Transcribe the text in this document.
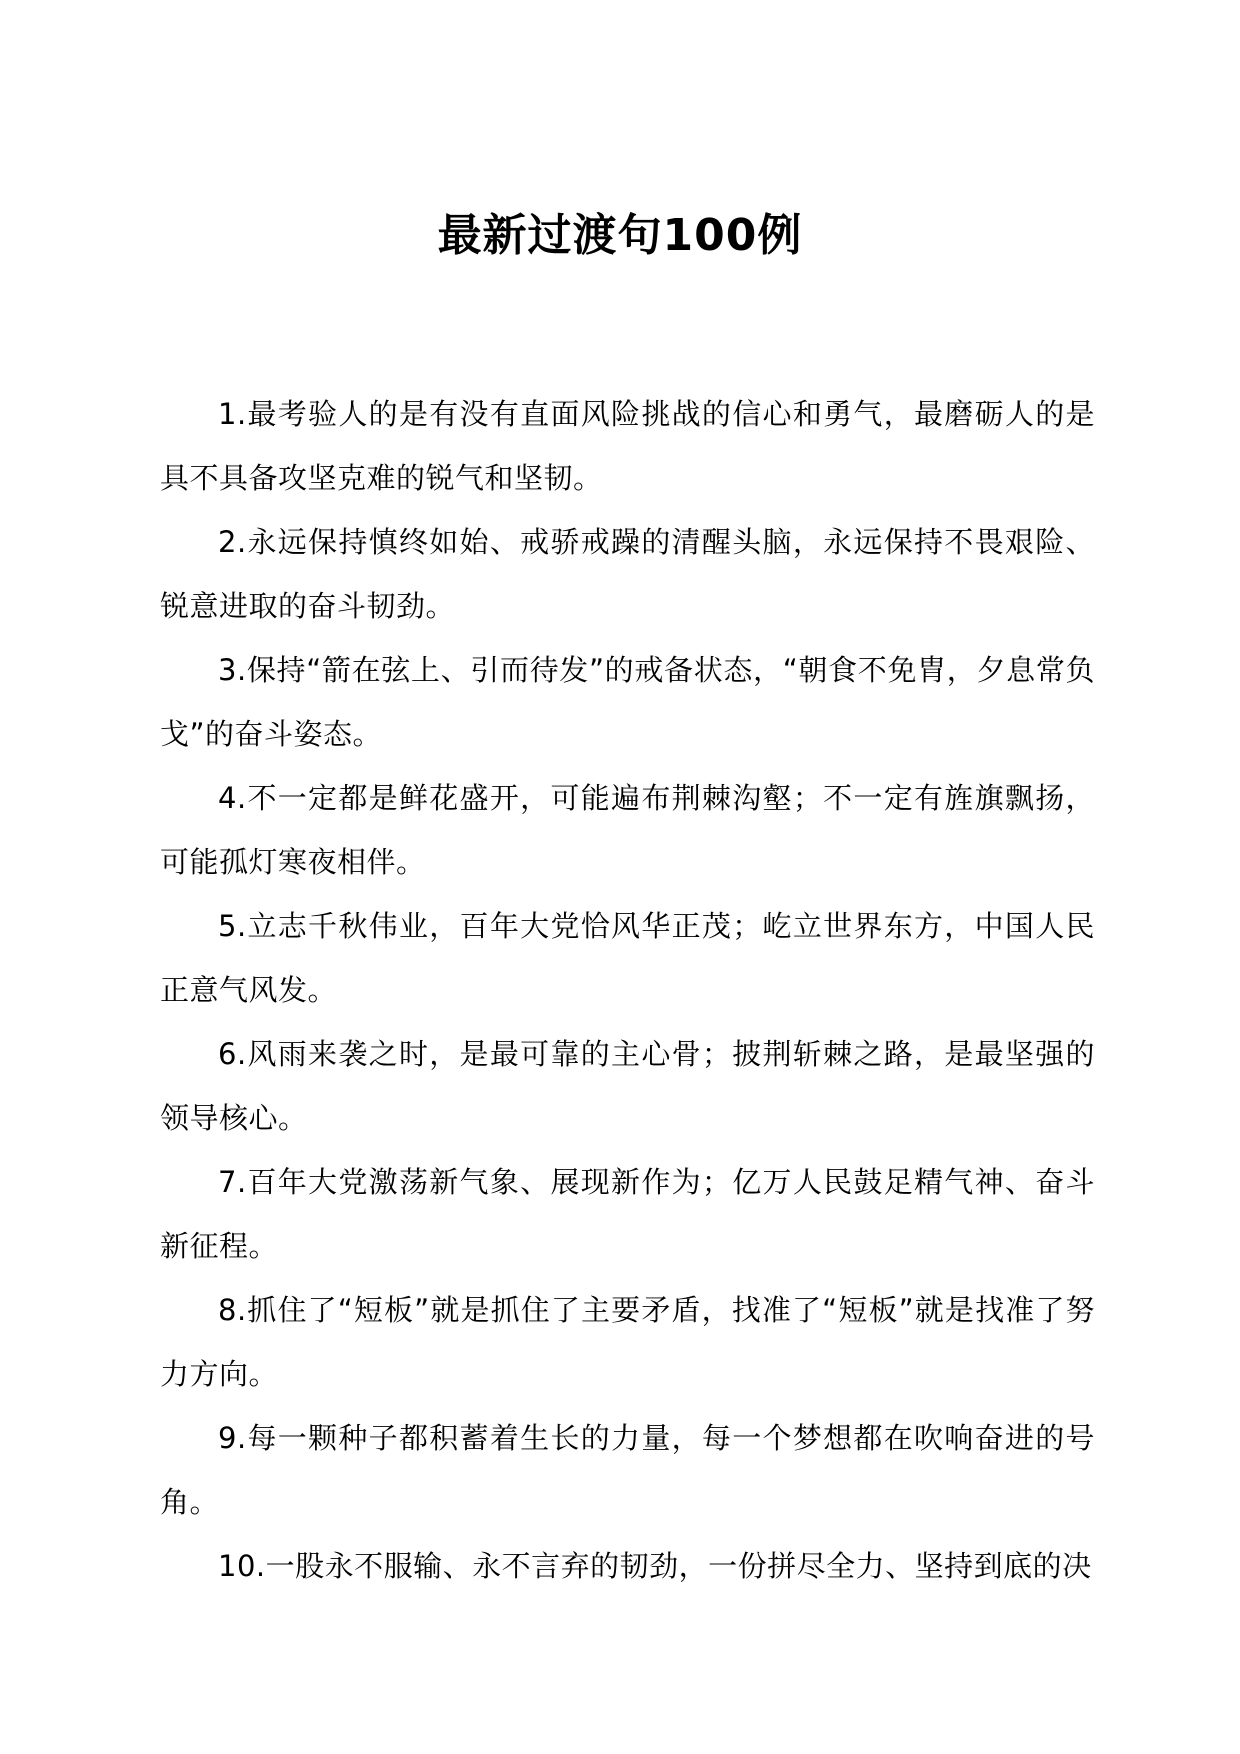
最新过渡句100例

1.最考验人的是有没有直面风险挑战的信心和勇气，最磨砺人的是具不具备攻坚克难的锐气和坚韧。

2.永远保持慎终如始、戒骄戒躁的清醒头脑，永远保持不畏艰险、锐意进取的奋斗韧劲。

3.保持“箭在弦上、引而待发”的戒备状态，“朝食不免胄，夕息常负戈”的奋斗姿态。

4.不一定都是鲜花盛开，可能遍布荆棘沟壑；不一定有旌旗飘扬，可能孤灯寒夜相伴。

5.立志千秋伟业，百年大党恰风华正茂；屹立世界东方，中国人民正意气风发。

6.风雨来袭之时，是最可靠的主心骨；披荆斩棘之路，是最坚强的领导核心。

7.百年大党激荡新气象、展现新作为；亿万人民鼓足精气神、奋斗新征程。

8.抓住了“短板”就是抓住了主要矛盾，找准了“短板”就是找准了努力方向。

9.每一颗种子都积蓄着生长的力量，每一个梦想都在吹响奋进的号角。

10.一股永不服输、永不言弃的韧劲，一份拼尽全力、坚持到底的决
